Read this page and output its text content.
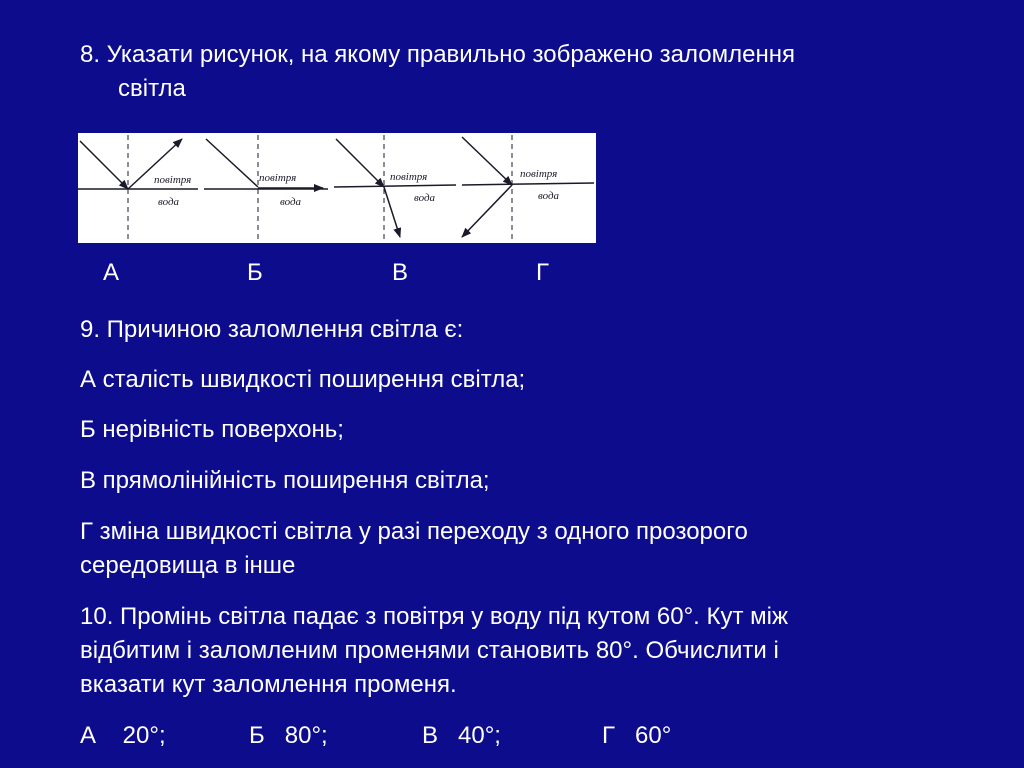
8. Указати рисунок, на якому правильно зображено заломлення
світла
повітря
вода
повітря
вода
повітря
вода
повітря
вода
А	Б	В	Г
9. Причиною заломлення світла є:
А сталість швидкості поширення світла;
Б нерівність поверхонь;
В прямолінійність поширення світла;
Г зміна швидкості світла у разі переходу з одного прозорого
середовища в інше
10. Промінь світла падає з повітря у воду під кутом 60°. Кут між
відбитим і заломленим променями становить 80°. Обчислити і
вказати кут заломлення променя.
А    20°;	Б   80°;	В   40°;	Г   60°
